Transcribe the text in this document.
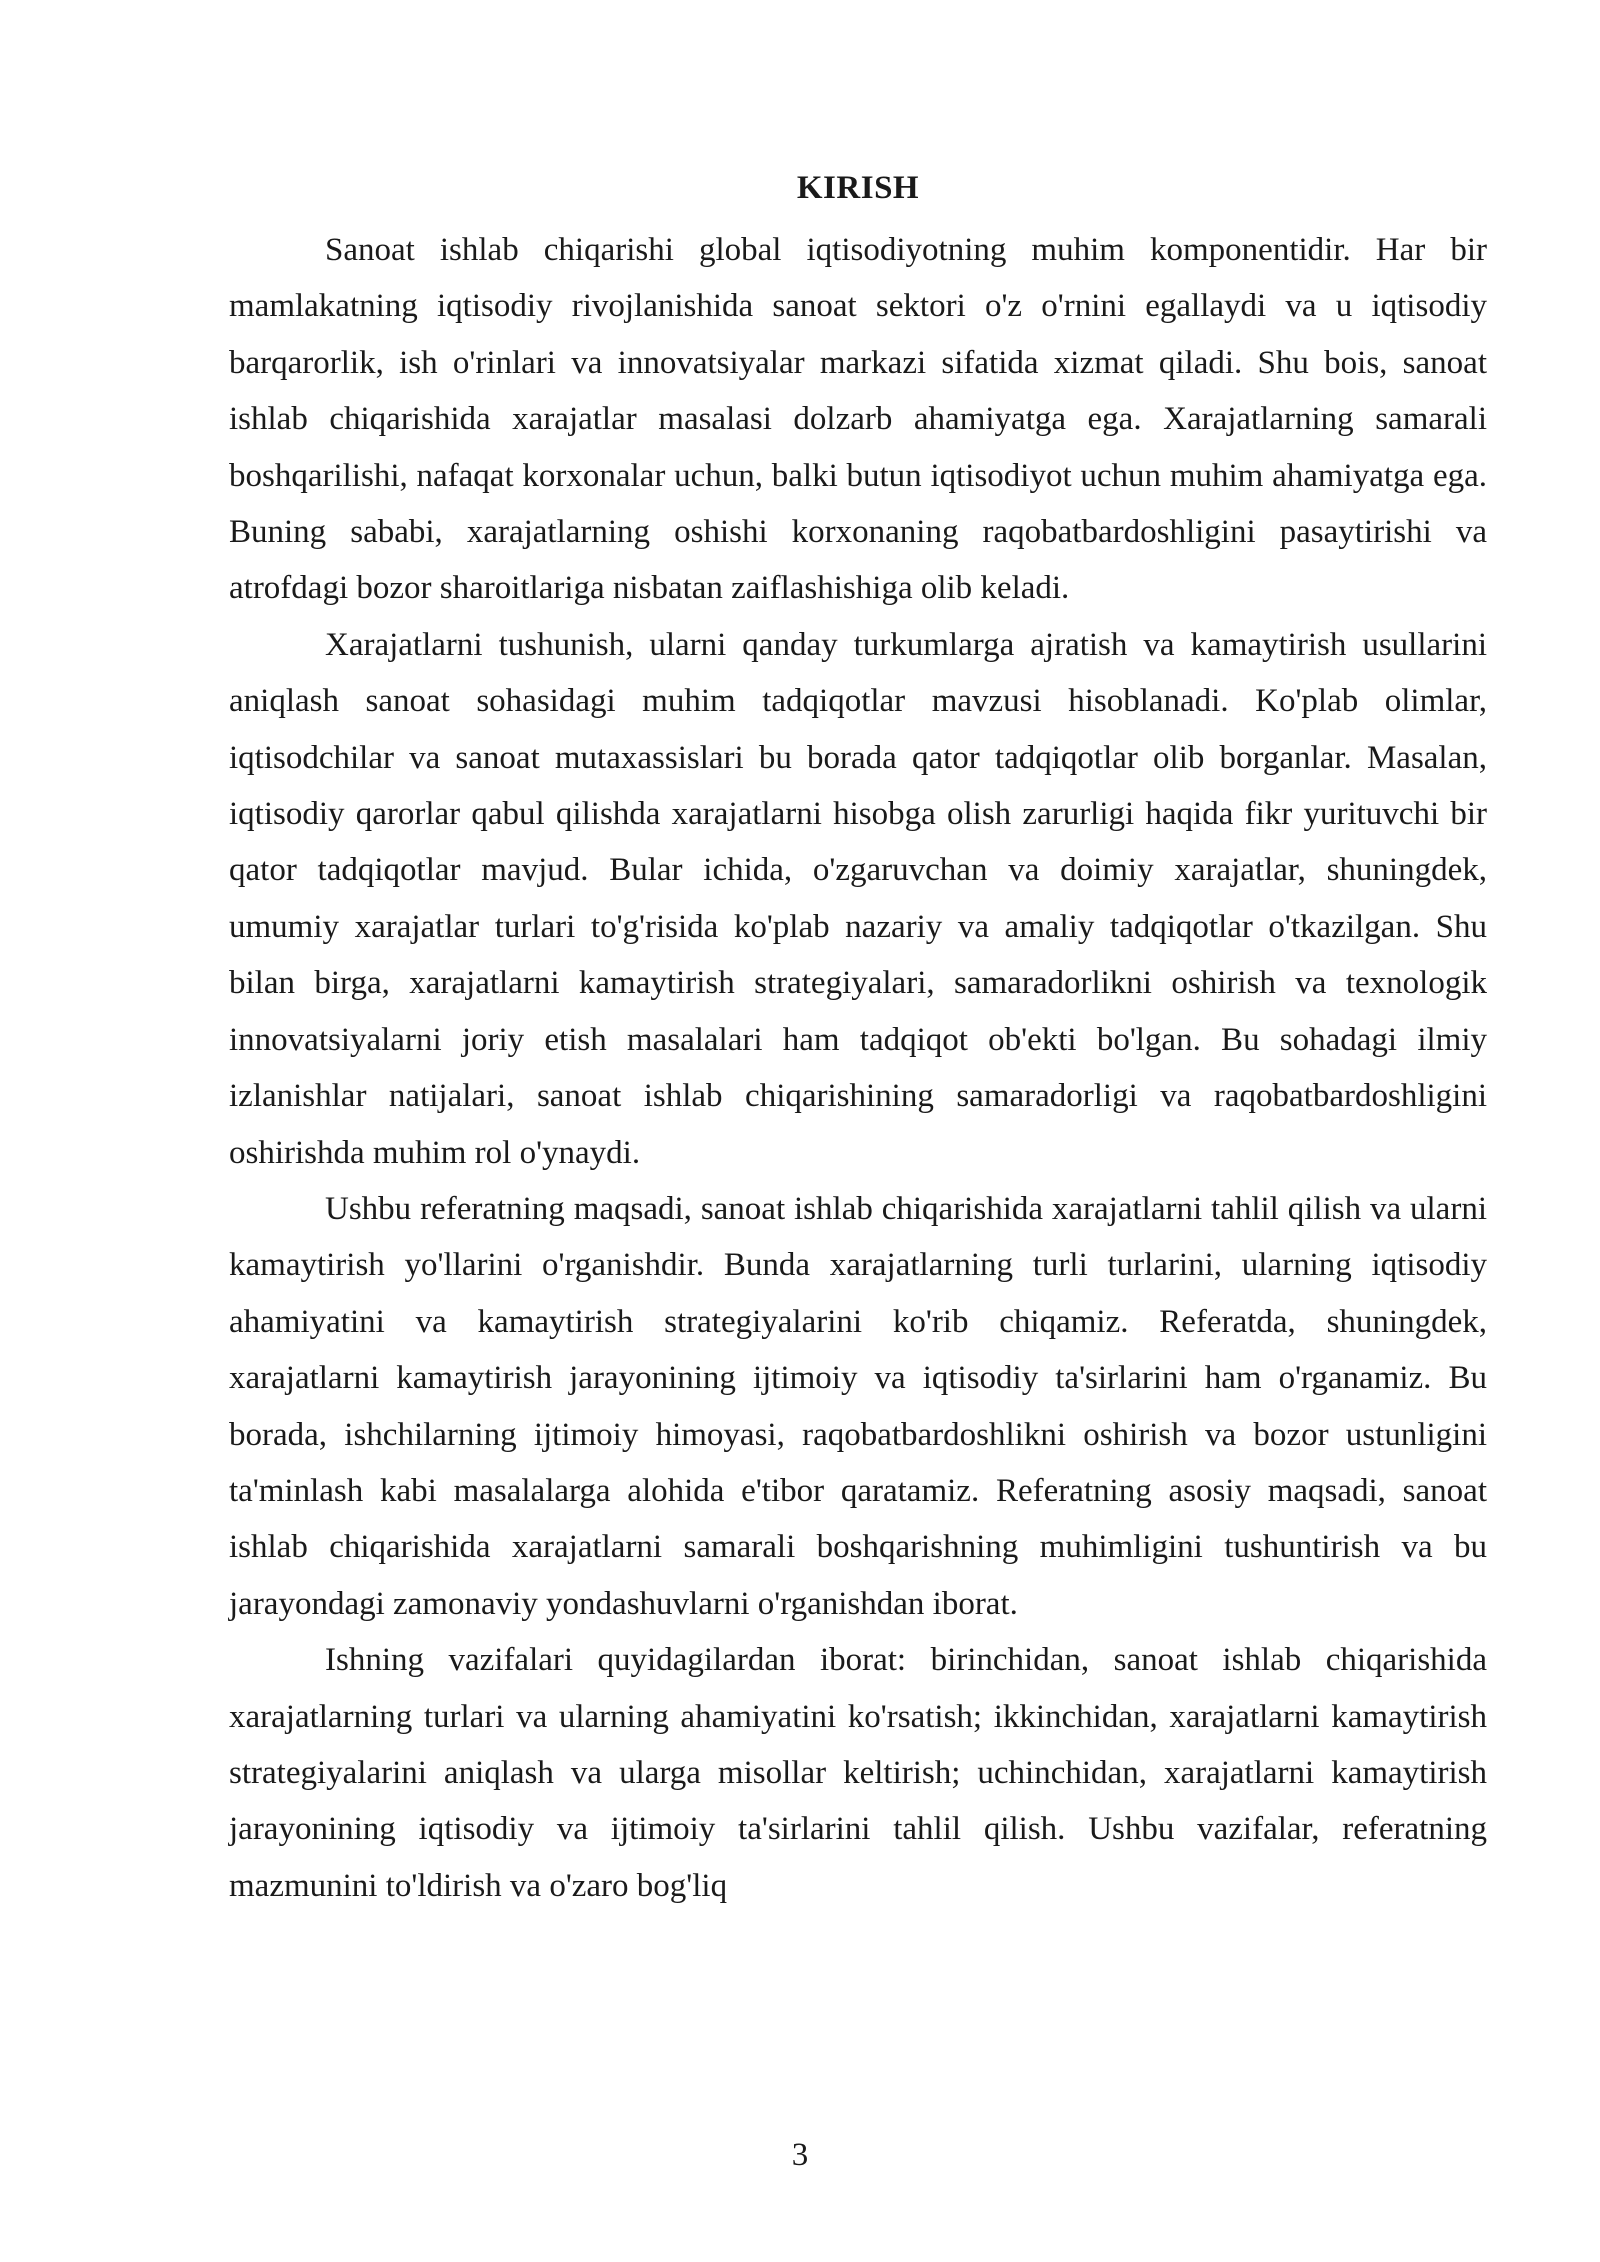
KIRISH

Sanoat ishlab chiqarishi global iqtisodiyotning muhim komponentidir. Har bir mamlakatning iqtisodiy rivojlanishida sanoat sektori o'z o'rnini egallaydi va u iqtisodiy barqarorlik, ish o'rinlari va innovatsiyalar markazi sifatida xizmat qiladi. Shu bois, sanoat ishlab chiqarishida xarajatlar masalasi dolzarb ahamiyatga ega. Xarajatlarning samarali boshqarilishi, nafaqat korxonalar uchun, balki butun iqtisodiyot uchun muhim ahamiyatga ega. Buning sababi, xarajatlarning oshishi korxonaning raqobatbardoshligini pasaytirishi va atrofdagi bozor sharoitlariga nisbatan zaiflashishiga olib keladi.

Xarajatlarni tushunish, ularni qanday turkumlarga ajratish va kamaytirish usullarini aniqlash sanoat sohasidagi muhim tadqiqotlar mavzusi hisoblanadi. Ko'plab olimlar, iqtisodchilar va sanoat mutaxassislari bu borada qator tadqiqotlar olib borganlar. Masalan, iqtisodiy qarorlar qabul qilishda xarajatlarni hisobga olish zarurligi haqida fikr yurituvchi bir qator tadqiqotlar mavjud. Bular ichida, o'zgaruvchan va doimiy xarajatlar, shuningdek, umumiy xarajatlar turlari to'g'risida ko'plab nazariy va amaliy tadqiqotlar o'tkazilgan. Shu bilan birga, xarajatlarni kamaytirish strategiyalari, samaradorlikni oshirish va texnologik innovatsiyalarni joriy etish masalalari ham tadqiqot ob'ekti bo'lgan. Bu sohadagi ilmiy izlanishlar natijalari, sanoat ishlab chiqarishining samaradorligi va raqobatbardoshligini oshirishda muhim rol o'ynaydi.

Ushbu referatning maqsadi, sanoat ishlab chiqarishida xarajatlarni tahlil qilish va ularni kamaytirish yo'llarini o'rganishdir. Bunda xarajatlarning turli turlarini, ularning iqtisodiy ahamiyatini va kamaytirish strategiyalarini ko'rib chiqamiz. Referatda, shuningdek, xarajatlarni kamaytirish jarayonining ijtimoiy va iqtisodiy ta'sirlarini ham o'rganamiz. Bu borada, ishchilarning ijtimoiy himoyasi, raqobatbardoshlikni oshirish va bozor ustunligini ta'minlash kabi masalalarga alohida e'tibor qaratamiz. Referatning asosiy maqsadi, sanoat ishlab chiqarishida xarajatlarni samarali boshqarishning muhimligini tushuntirish va bu jarayondagi zamonaviy yondashuvlarni o'rganishdan iborat.

Ishning vazifalari quyidagilardan iborat: birinchidan, sanoat ishlab chiqarishida xarajatlarning turlari va ularning ahamiyatini ko'rsatish; ikkinchidan, xarajatlarni kamaytirish strategiyalarini aniqlash va ularga misollar keltirish; uchinchidan, xarajatlarni kamaytirish jarayonining iqtisodiy va ijtimoiy ta'sirlarini tahlil qilish. Ushbu vazifalar, referatning mazmunini to'ldirish va o'zaro bog'liq

3
